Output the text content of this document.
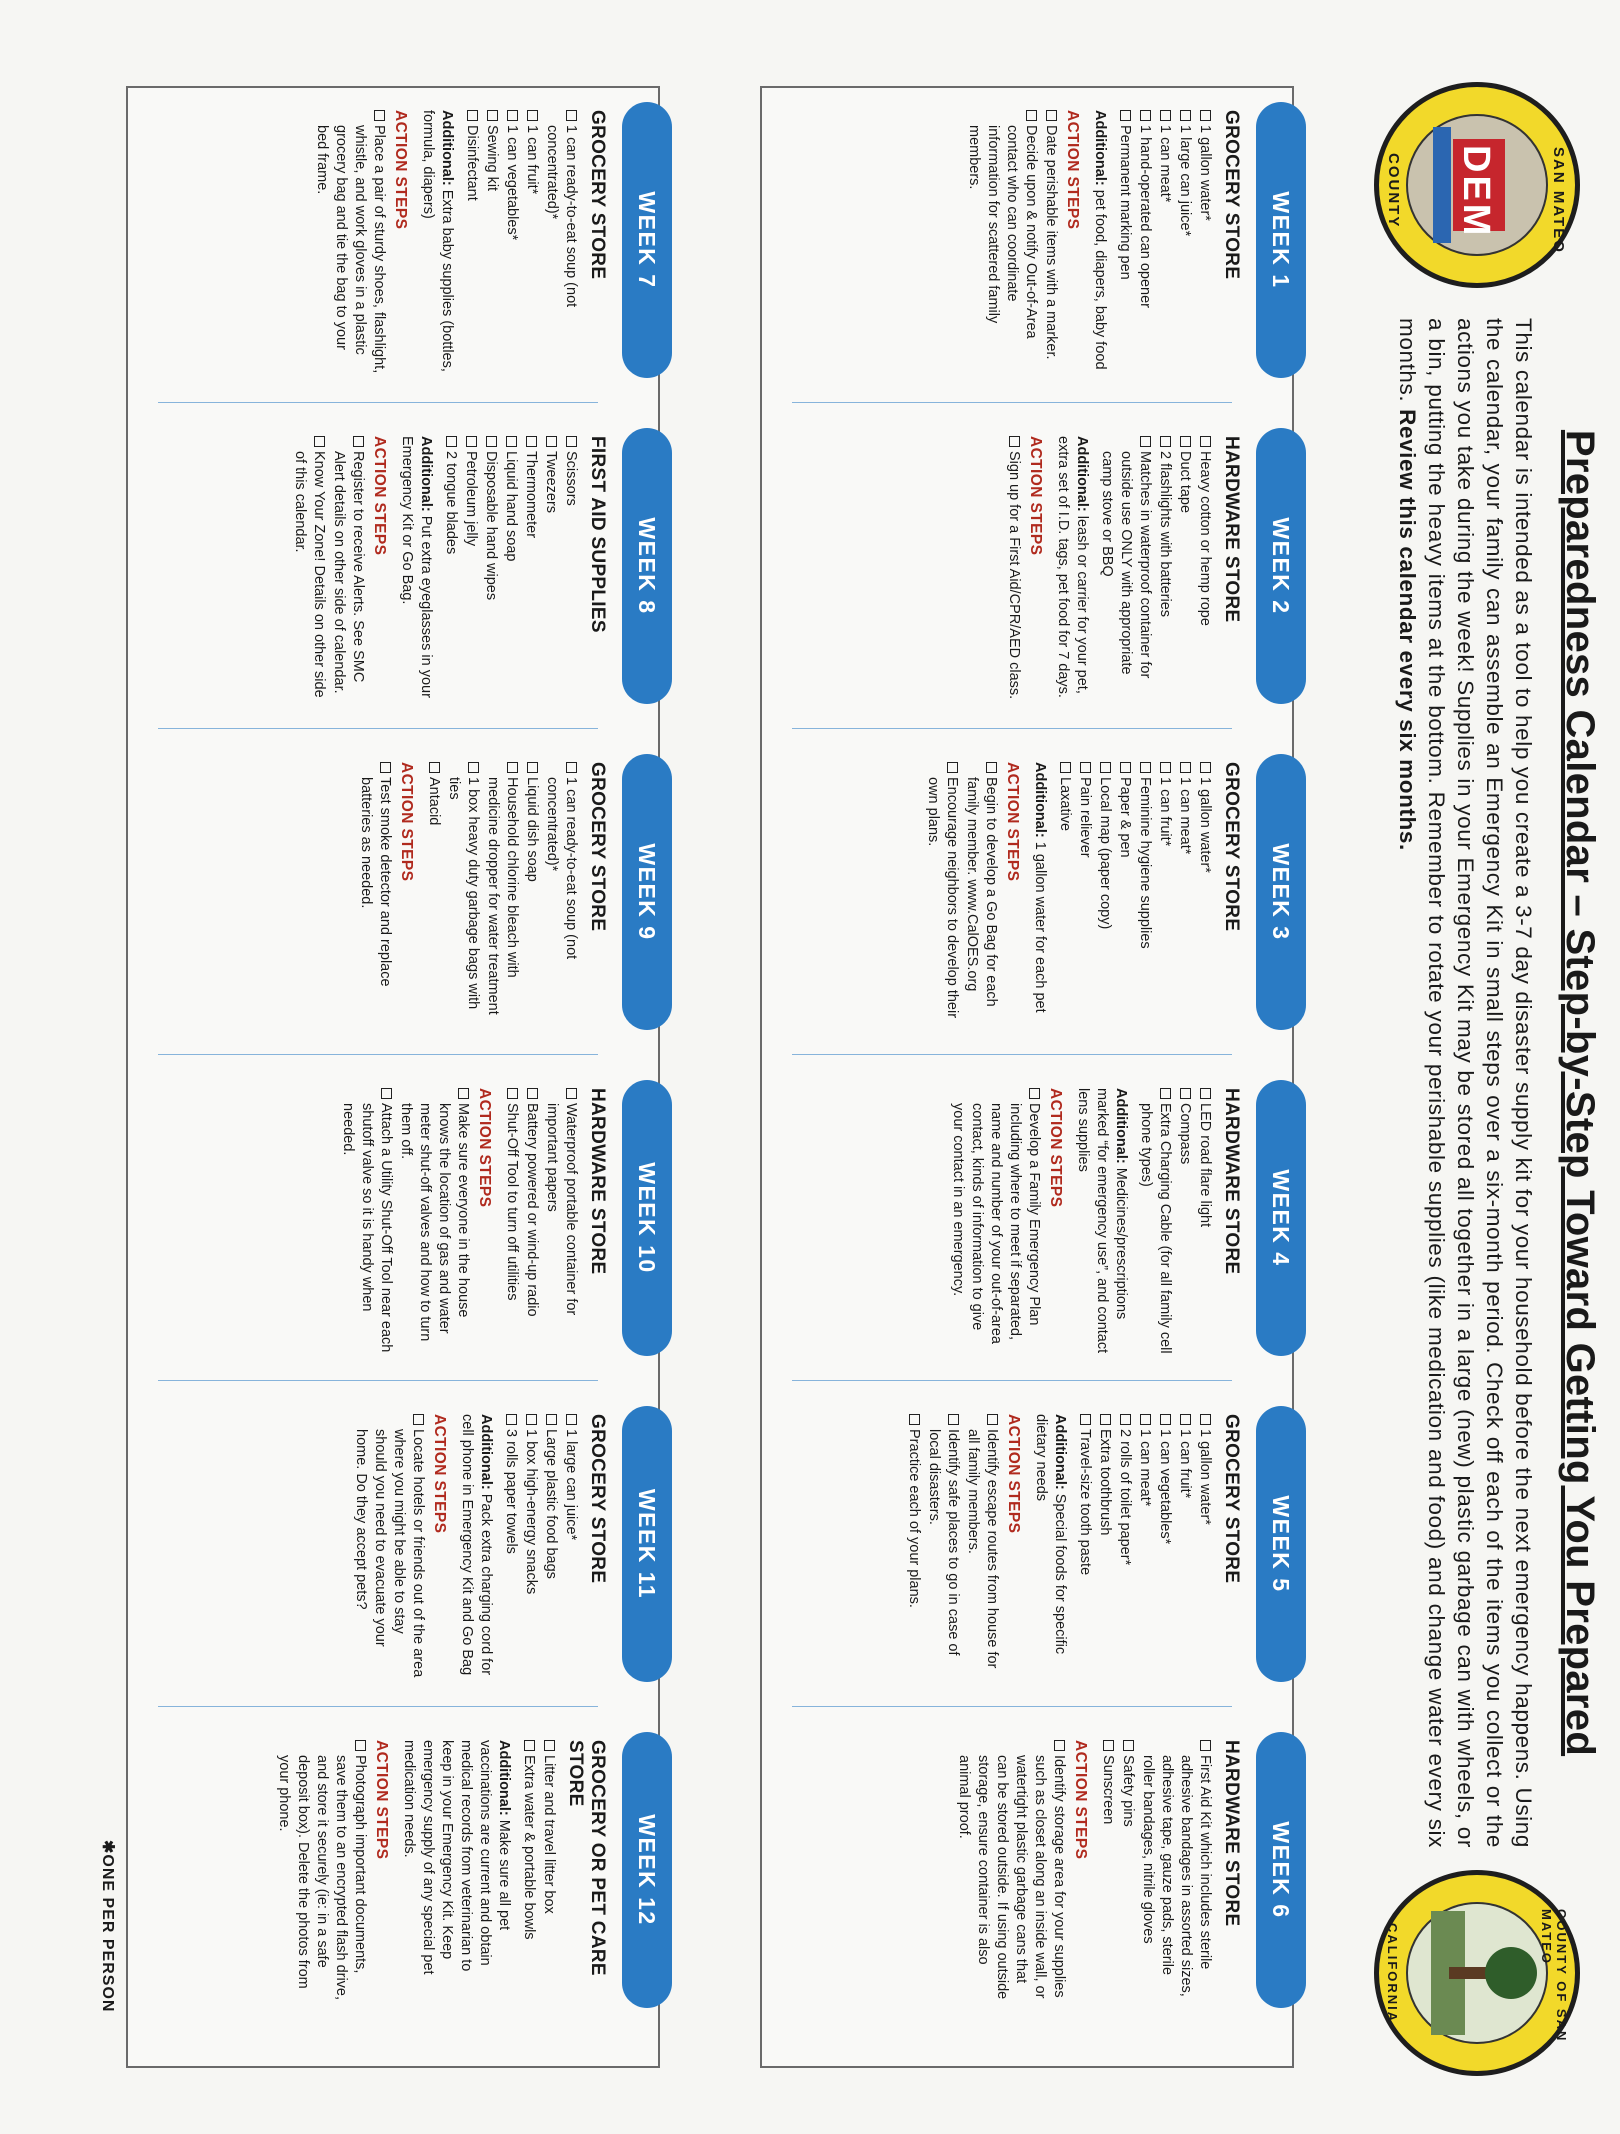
SAN MATEO
DEM
COUNTY
Preparedness Calendar – Step-by-Step Toward Getting You Prepared
This calendar is intended as a tool to help you create a 3-7 day disaster supply kit for your household before the next emergency happens. Using the calendar, your family can assemble an Emergency Kit in small steps over a six-month period. Check off each of the items you collect or the actions you take during the week! Supplies in your Emergency Kit may be stored all together in a large (new) plastic garbage can with wheels, or a bin, putting the heavy items at the bottom. Remember to rotate your perishable supplies (like medication and food) and change water every six months. Review this calendar every six months.
COUNTY OF SAN MATEO
CALIFORNIA
WEEK 1
GROCERY STORE
1 gallon water*
1 large can juice*
1 can meat*
1 hand-operated can opener
Permanent marking pen
Additional: pet food, diapers, baby food
ACTION STEPS
Date perishable items with a marker.
Decide upon & notify Out-of-Area contact who can coordinate information for scattered family members.
WEEK 2
HARDWARE STORE
Heavy cotton or hemp rope
Duct tape
2 flashlights with batteries
Matches in waterproof container for outside use ONLY with appropriate camp stove or BBQ
Additional: leash or carrier for your pet, extra set of I.D. tags, pet food for 7 days.
ACTION STEPS
Sign up for a First Aid/CPR/AED class.
WEEK 3
GROCERY STORE
1 gallon water*
1 can meat*
1 can fruit*
Feminine hygiene supplies
Paper & pen
Local map (paper copy)
Pain reliever
Laxative
Additional: 1 gallon water for each pet
ACTION STEPS
Begin to develop a Go Bag for each family member. www.CalOES.org
Encourage neighbors to develop their own plans.
WEEK 4
HARDWARE STORE
LED road flare light
Compass
Extra Charging Cable (for all family cell phone types)
Additional: Medicines/prescriptions marked “for emergency use”, and contact lens supplies
ACTION STEPS
Develop a Family Emergency Plan including where to meet if separated, name and number of your out-of-area contact, kinds of information to give your contact in an emergency.
WEEK 5
GROCERY STORE
1 gallon water*
1 can fruit*
1 can vegetables*
1 can meat*
2 rolls of toilet paper*
Extra toothbrush
Travel-size tooth paste
Additional: Special foods for specific dietary needs
ACTION STEPS
Identify escape routes from house for all family members.
Identify safe places to go in case of local disasters.
Practice each of your plans.
WEEK 6
HARDWARE STORE
First Aid Kit which includes sterile adhesive bandages in assorted sizes, adhesive tape, gauze pads, sterile roller bandages, nitrile gloves
Safety pins
Sunscreen
ACTION STEPS
Identify storage area for your supplies such as closet along an inside wall, or watertight plastic garbage cans that can be stored outside. If using outside storage, ensure container is also animal proof.
WEEK 7
GROCERY STORE
1 can ready-to-eat soup (not concentrated)*
1 can fruit*
1 can vegetables*
Sewing kit
Disinfectant
Additional: Extra baby supplies (bottles, formula, diapers)
ACTION STEPS
Place a pair of sturdy shoes, flashlight, whistle, and work gloves in a plastic grocery bag and tie the bag to your bed frame.
WEEK 8
FIRST AID SUPPLIES
Scissors
Tweezers
Thermometer
Liquid hand soap
Disposable hand wipes
Petroleum jelly
2 tongue blades
Additional: Put extra eyeglasses in your Emergency Kit or Go Bag.
ACTION STEPS
Register to receive Alerts. See SMC Alert details on other side of calendar.
Know Your Zone! Details on other side of this calendar.
WEEK 9
GROCERY STORE
1 can ready-to-eat soup (not concentrated)*
Liquid dish soap
Household chlorine bleach with medicine dropper for water treatment
1 box heavy duty garbage bags with ties
Antacid
ACTION STEPS
Test smoke detector and replace batteries as needed.
WEEK 10
HARDWARE STORE
Waterproof portable container for important papers
Battery powered or wind-up radio
Shut-Off Tool to turn off utilities
ACTION STEPS
Make sure everyone in the house knows the location of gas and water meter shut-off valves and how to turn them off.
Attach a Utility Shut-Off Tool near each shutoff valve so it is handy when needed.
WEEK 11
GROCERY STORE
1 large can juice*
Large plastic food bags
1 box high-energy snacks
3 rolls paper towels
Additional: Pack extra charging cord for cell phone in Emergency Kit and Go Bag
ACTION STEPS
Locate hotels or friends out of the area where you might be able to stay should you need to evacuate your home. Do they accept pets?
WEEK 12
GROCERY OR PET CARE STORE
Litter and travel litter box
Extra water & portable bowls
Additional: Make sure all pet vaccinations are current and obtain medical records from veterinarian to keep in your Emergency Kit. Keep emergency supply of any special pet medication needs.
ACTION STEPS
Photograph important documents, save them to an encrypted flash drive, and store it securely (ie: in a safe deposit box). Delete the photos from your phone.
✱ONE PER PERSON
